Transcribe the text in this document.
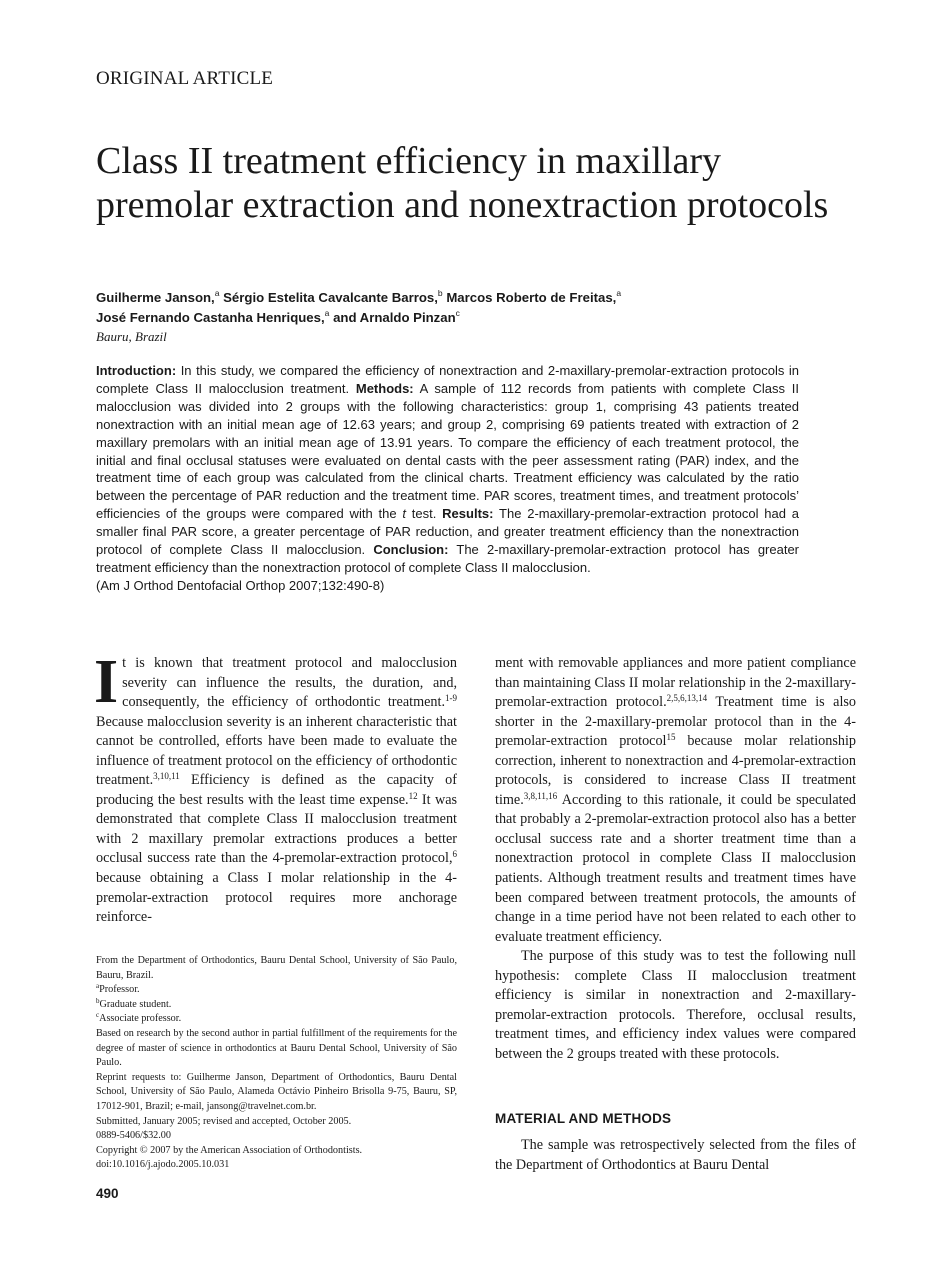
ORIGINAL ARTICLE
Class II treatment efficiency in maxillary premolar extraction and nonextraction protocols
Guilherme Janson,$^a$ Sérgio Estelita Cavalcante Barros,$^b$ Marcos Roberto de Freitas,$^a$
José Fernando Castanha Henriques,$^a$ and Arnaldo Pinzan$^c$
Bauru, Brazil
Introduction: In this study, we compared the efficiency of nonextraction and 2-maxillary-premolar-extraction protocols in complete Class II malocclusion treatment. Methods: A sample of 112 records from patients with complete Class II malocclusion was divided into 2 groups with the following characteristics: group 1, comprising 43 patients treated nonextraction with an initial mean age of 12.63 years; and group 2, comprising 69 patients treated with extraction of 2 maxillary premolars with an initial mean age of 13.91 years. To compare the efficiency of each treatment protocol, the initial and final occlusal statuses were evaluated on dental casts with the peer assessment rating (PAR) index, and the treatment time of each group was calculated from the clinical charts. Treatment efficiency was calculated by the ratio between the percentage of PAR reduction and the treatment time. PAR scores, treatment times, and treatment protocols’ efficiencies of the groups were compared with the t test. Results: The 2-maxillary-premolar-extraction protocol had a smaller final PAR score, a greater percentage of PAR reduction, and greater treatment efficiency than the nonextraction protocol of complete Class II malocclusion. Conclusion: The 2-maxillary-premolar-extraction protocol has greater treatment efficiency than the nonextraction protocol of complete Class II malocclusion.
(Am J Orthod Dentofacial Orthop 2007;132:490-8)

It is known that treatment protocol and malocclusion severity can influence the results, the duration, and, consequently, the efficiency of orthodontic treatment.$^{1-9}$ Because malocclusion severity is an inherent characteristic that cannot be controlled, efforts have been made to evaluate the influence of treatment protocol on the efficiency of orthodontic treatment.$^{3,10,11}$ Efficiency is defined as the capacity of producing the best results with the least time expense.$^{12}$ It was demonstrated that complete Class II malocclusion treatment with 2 maxillary premolar extractions produces a better occlusal success rate than the 4-premolar-extraction protocol,$^6$ because obtaining a Class I molar relationship in the 4-premolar-extraction protocol requires more anchorage reinforce-

From the Department of Orthodontics, Bauru Dental School, University of São Paulo, Bauru, Brazil.
$^a$Professor.
$^b$Graduate student.
$^c$Associate professor.
Based on research by the second author in partial fulfillment of the requirements for the degree of master of science in orthodontics at Bauru Dental School, University of São Paulo.
Reprint requests to: Guilherme Janson, Department of Orthodontics, Bauru Dental School, University of São Paulo, Alameda Octávio Pinheiro Brisolla 9-75, Bauru, SP, 17012-901, Brazil; e-mail, jansong@travelnet.com.br.
Submitted, January 2005; revised and accepted, October 2005.
0889-5406/$32.00
Copyright © 2007 by the American Association of Orthodontists.
doi:10.1016/j.ajodo.2005.10.031
490

ment with removable appliances and more patient compliance than maintaining Class II molar relationship in the 2-maxillary-premolar-extraction protocol.$^{2,5,6,13,14}$ Treatment time is also shorter in the 2-maxillary-premolar protocol than in the 4-premolar-extraction protocol$^{15}$ because molar relationship correction, inherent to nonextraction and 4-premolar-extraction protocols, is considered to increase Class II treatment time.$^{3,8,11,16}$ According to this rationale, it could be speculated that probably a 2-premolar-extraction protocol also has a better occlusal success rate and a shorter treatment time than a nonextraction protocol in complete Class II malocclusion patients. Although treatment results and treatment times have been compared between treatment protocols, the amounts of change in a time period have not been related to each other to evaluate treatment efficiency.

The purpose of this study was to test the following null hypothesis: complete Class II malocclusion treatment efficiency is similar in nonextraction and 2-maxillary-premolar-extraction protocols. Therefore, occlusal results, treatment times, and efficiency index values were compared between the 2 groups treated with these protocols.

MATERIAL AND METHODS
The sample was retrospectively selected from the files of the Department of Orthodontics at Bauru Dental
